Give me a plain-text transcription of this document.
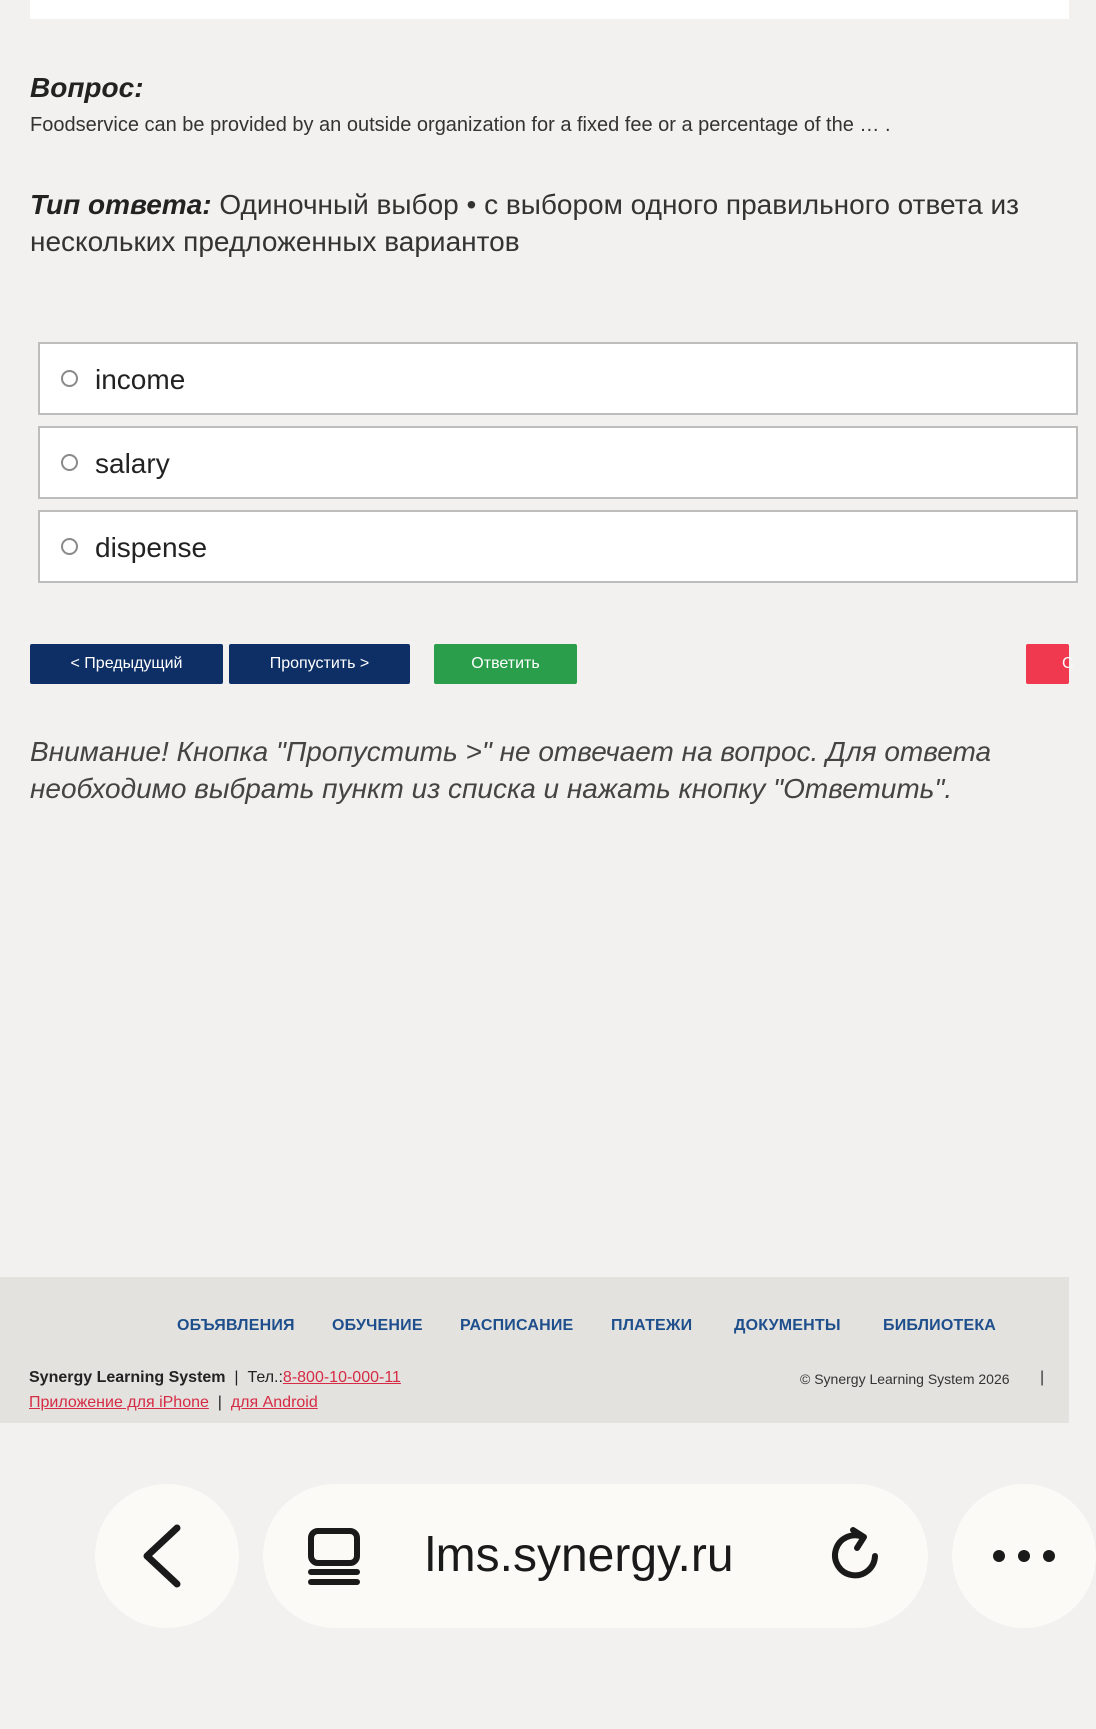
Вопрос:
Foodservice can be provided by an outside organization for a fixed fee or a percentage of the … .
Тип ответа: Одиночный выбор • с выбором одного правильного ответа из нескольких предложенных вариантов
income
salary
dispense
< Предыдущий	Пропустить >	Ответить	С
Внимание! Кнопка "Пропустить >" не отвечает на вопрос. Для ответа необходимо выбрать пункт из списка и нажать кнопку "Ответить".
ОБЪЯВЛЕНИЯ ОБУЧЕНИЕ РАСПИСАНИЕ ПЛАТЕЖИ	ДОКУМЕНТЫ	БИБЛИОТЕКА
Synergy Learning System | Тел.:8-800-10-000-11
Приложение для iPhone | для Android
© Synergy Learning System 2026 |
lms.synergy.ru
